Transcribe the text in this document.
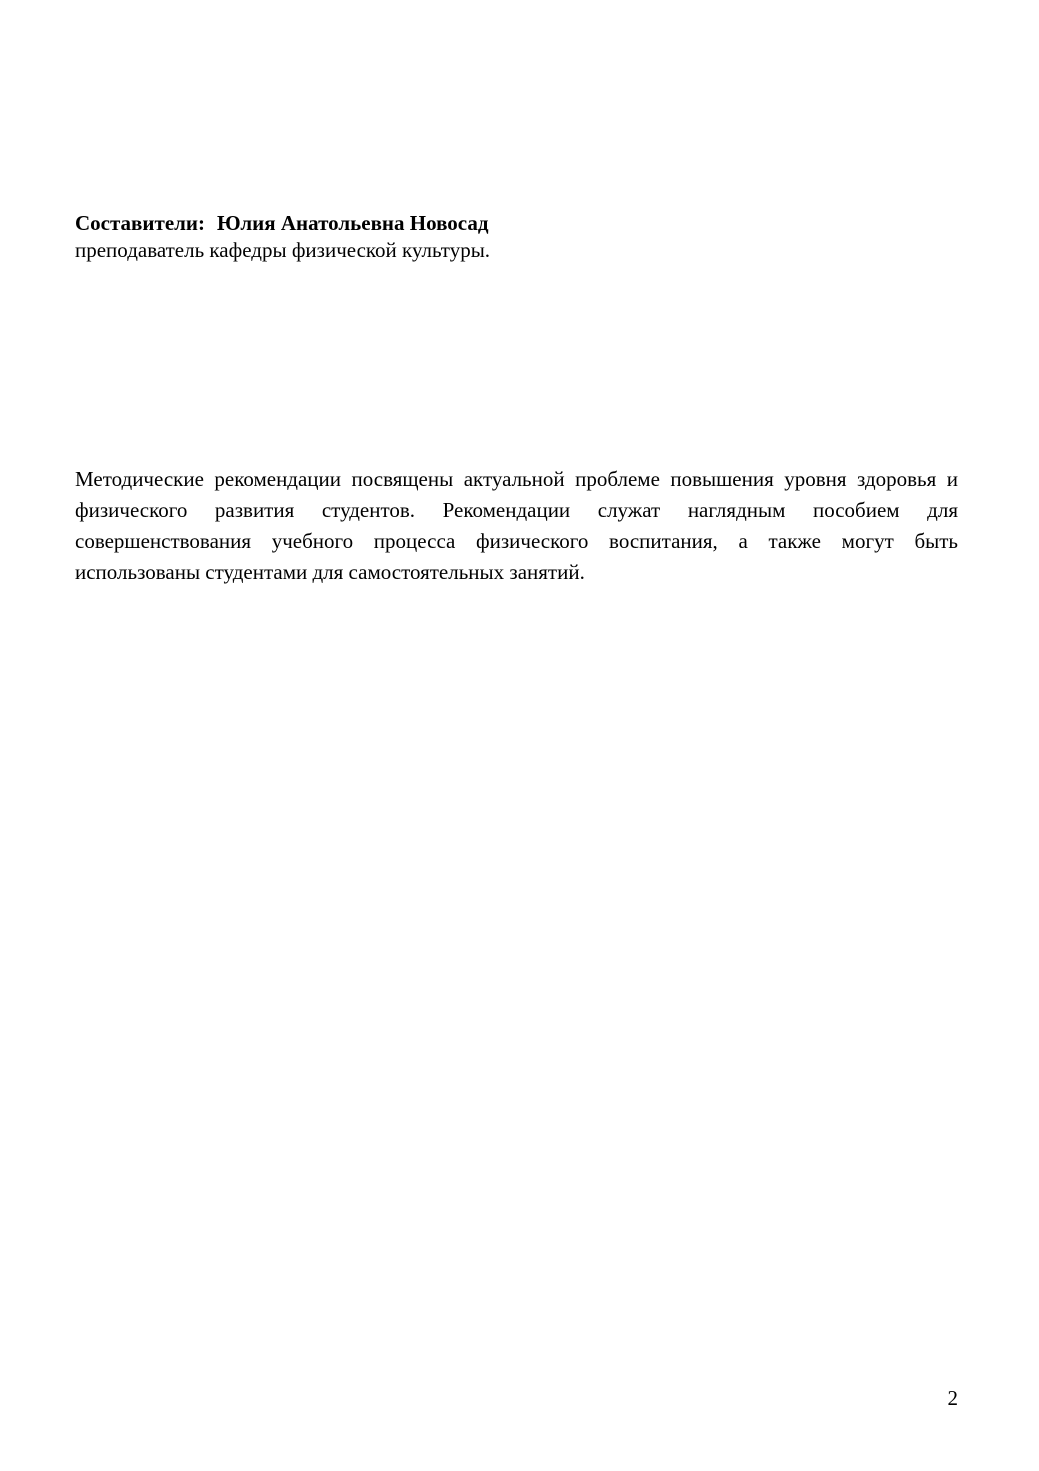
Составители: Юлия Анатольевна Новосад
преподаватель кафедры физической культуры.

Методические рекомендации посвящены актуальной проблеме повышения уровня здоровья и физического развития студентов. Рекомендации служат наглядным пособием для совершенствования учебного процесса физического воспитания, а также могут быть использованы студентами для самостоятельных занятий.

2
